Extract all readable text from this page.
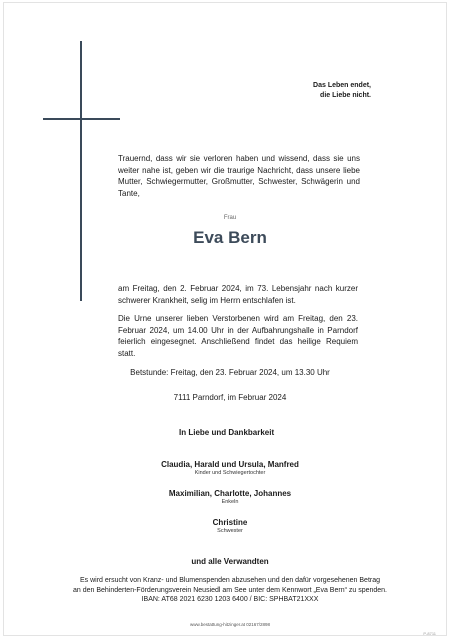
Das Leben endet,
die Liebe nicht.
Trauernd, dass wir sie verloren haben und wissend, dass sie uns weiter nahe ist, geben wir die traurige Nachricht, dass unsere liebe Mutter, Schwiegermutter, Großmutter, Schwester, Schwägerin und Tante,
Frau
Eva Bern
am Freitag, den 2. Februar 2024, im 73. Lebensjahr nach kurzer schwerer Krankheit, selig im Herrn entschlafen ist.
Die Urne unserer lieben Verstorbenen wird am Freitag, den 23. Februar 2024, um 14.00 Uhr in der Aufbahrungshalle in Parndorf feierlich eingesegnet. Anschließend findet das heilige Requiem statt.
Betstunde: Freitag, den 23. Februar 2024, um 13.30 Uhr
7111 Parndorf, im Februar 2024
In Liebe und Dankbarkeit
Claudia, Harald und Ursula, Manfred
Kinder und Schwiegertochter
Maximilian, Charlotte, Johannes
Enkeln
Christine
Schwester
und alle Verwandten
Es wird ersucht von Kranz- und Blumenspenden abzusehen und den dafür vorgesehenen Betrag
an den Behinderten-Förderungsverein Neusiedl am See unter dem Kennwort „Eva Bern“ zu spenden.
IBAN: AT68 2021 6230 1203 6400 / BIC: SPHBAT21XXX
www.bestattung-hitzinger.at 02167/2898
P-8711
